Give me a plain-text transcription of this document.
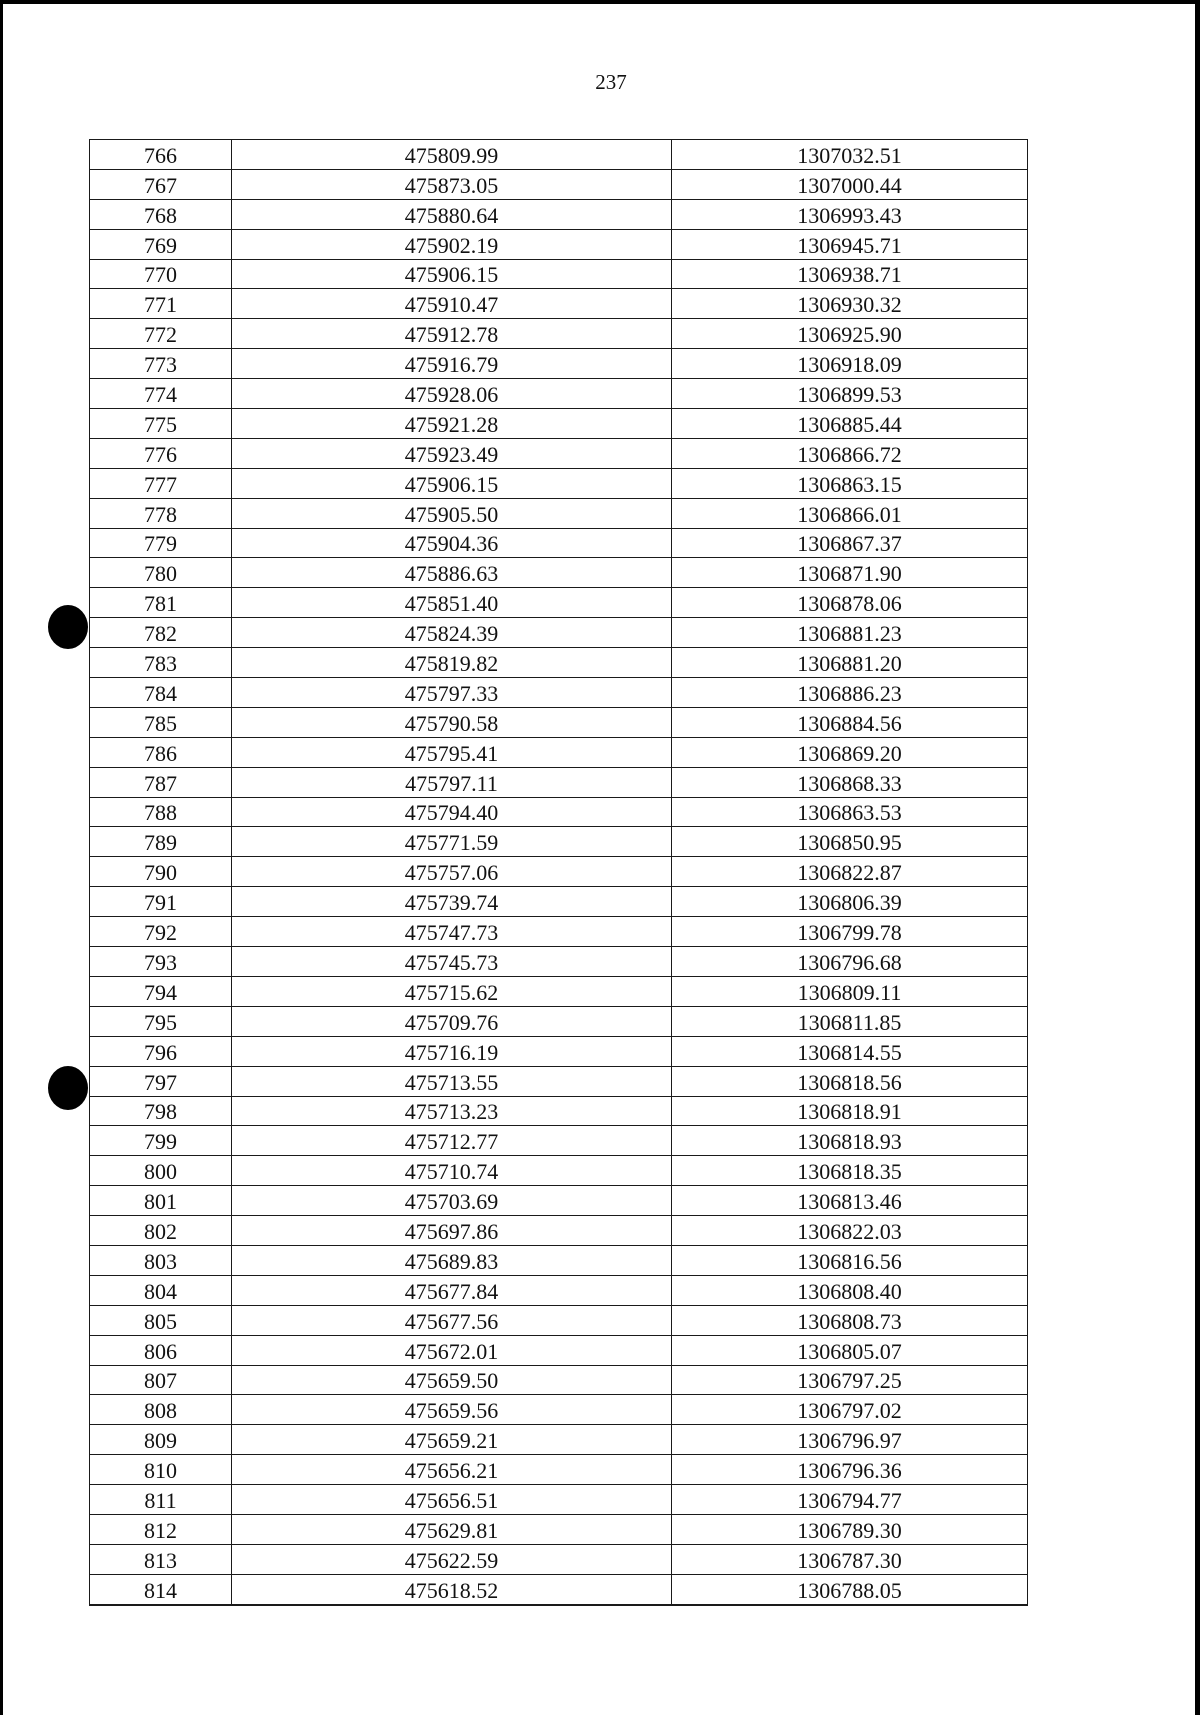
237
766	475809.99	1307032.51
767	475873.05	1307000.44
768	475880.64	1306993.43
769	475902.19	1306945.71
770	475906.15	1306938.71
771	475910.47	1306930.32
772	475912.78	1306925.90
773	475916.79	1306918.09
774	475928.06	1306899.53
775	475921.28	1306885.44
776	475923.49	1306866.72
777	475906.15	1306863.15
778	475905.50	1306866.01
779	475904.36	1306867.37
780	475886.63	1306871.90
781	475851.40	1306878.06
782	475824.39	1306881.23
783	475819.82	1306881.20
784	475797.33	1306886.23
785	475790.58	1306884.56
786	475795.41	1306869.20
787	475797.11	1306868.33
788	475794.40	1306863.53
789	475771.59	1306850.95
790	475757.06	1306822.87
791	475739.74	1306806.39
792	475747.73	1306799.78
793	475745.73	1306796.68
794	475715.62	1306809.11
795	475709.76	1306811.85
796	475716.19	1306814.55
797	475713.55	1306818.56
798	475713.23	1306818.91
799	475712.77	1306818.93
800	475710.74	1306818.35
801	475703.69	1306813.46
802	475697.86	1306822.03
803	475689.83	1306816.56
804	475677.84	1306808.40
805	475677.56	1306808.73
806	475672.01	1306805.07
807	475659.50	1306797.25
808	475659.56	1306797.02
809	475659.21	1306796.97
810	475656.21	1306796.36
811	475656.51	1306794.77
812	475629.81	1306789.30
813	475622.59	1306787.30
814	475618.52	1306788.05
